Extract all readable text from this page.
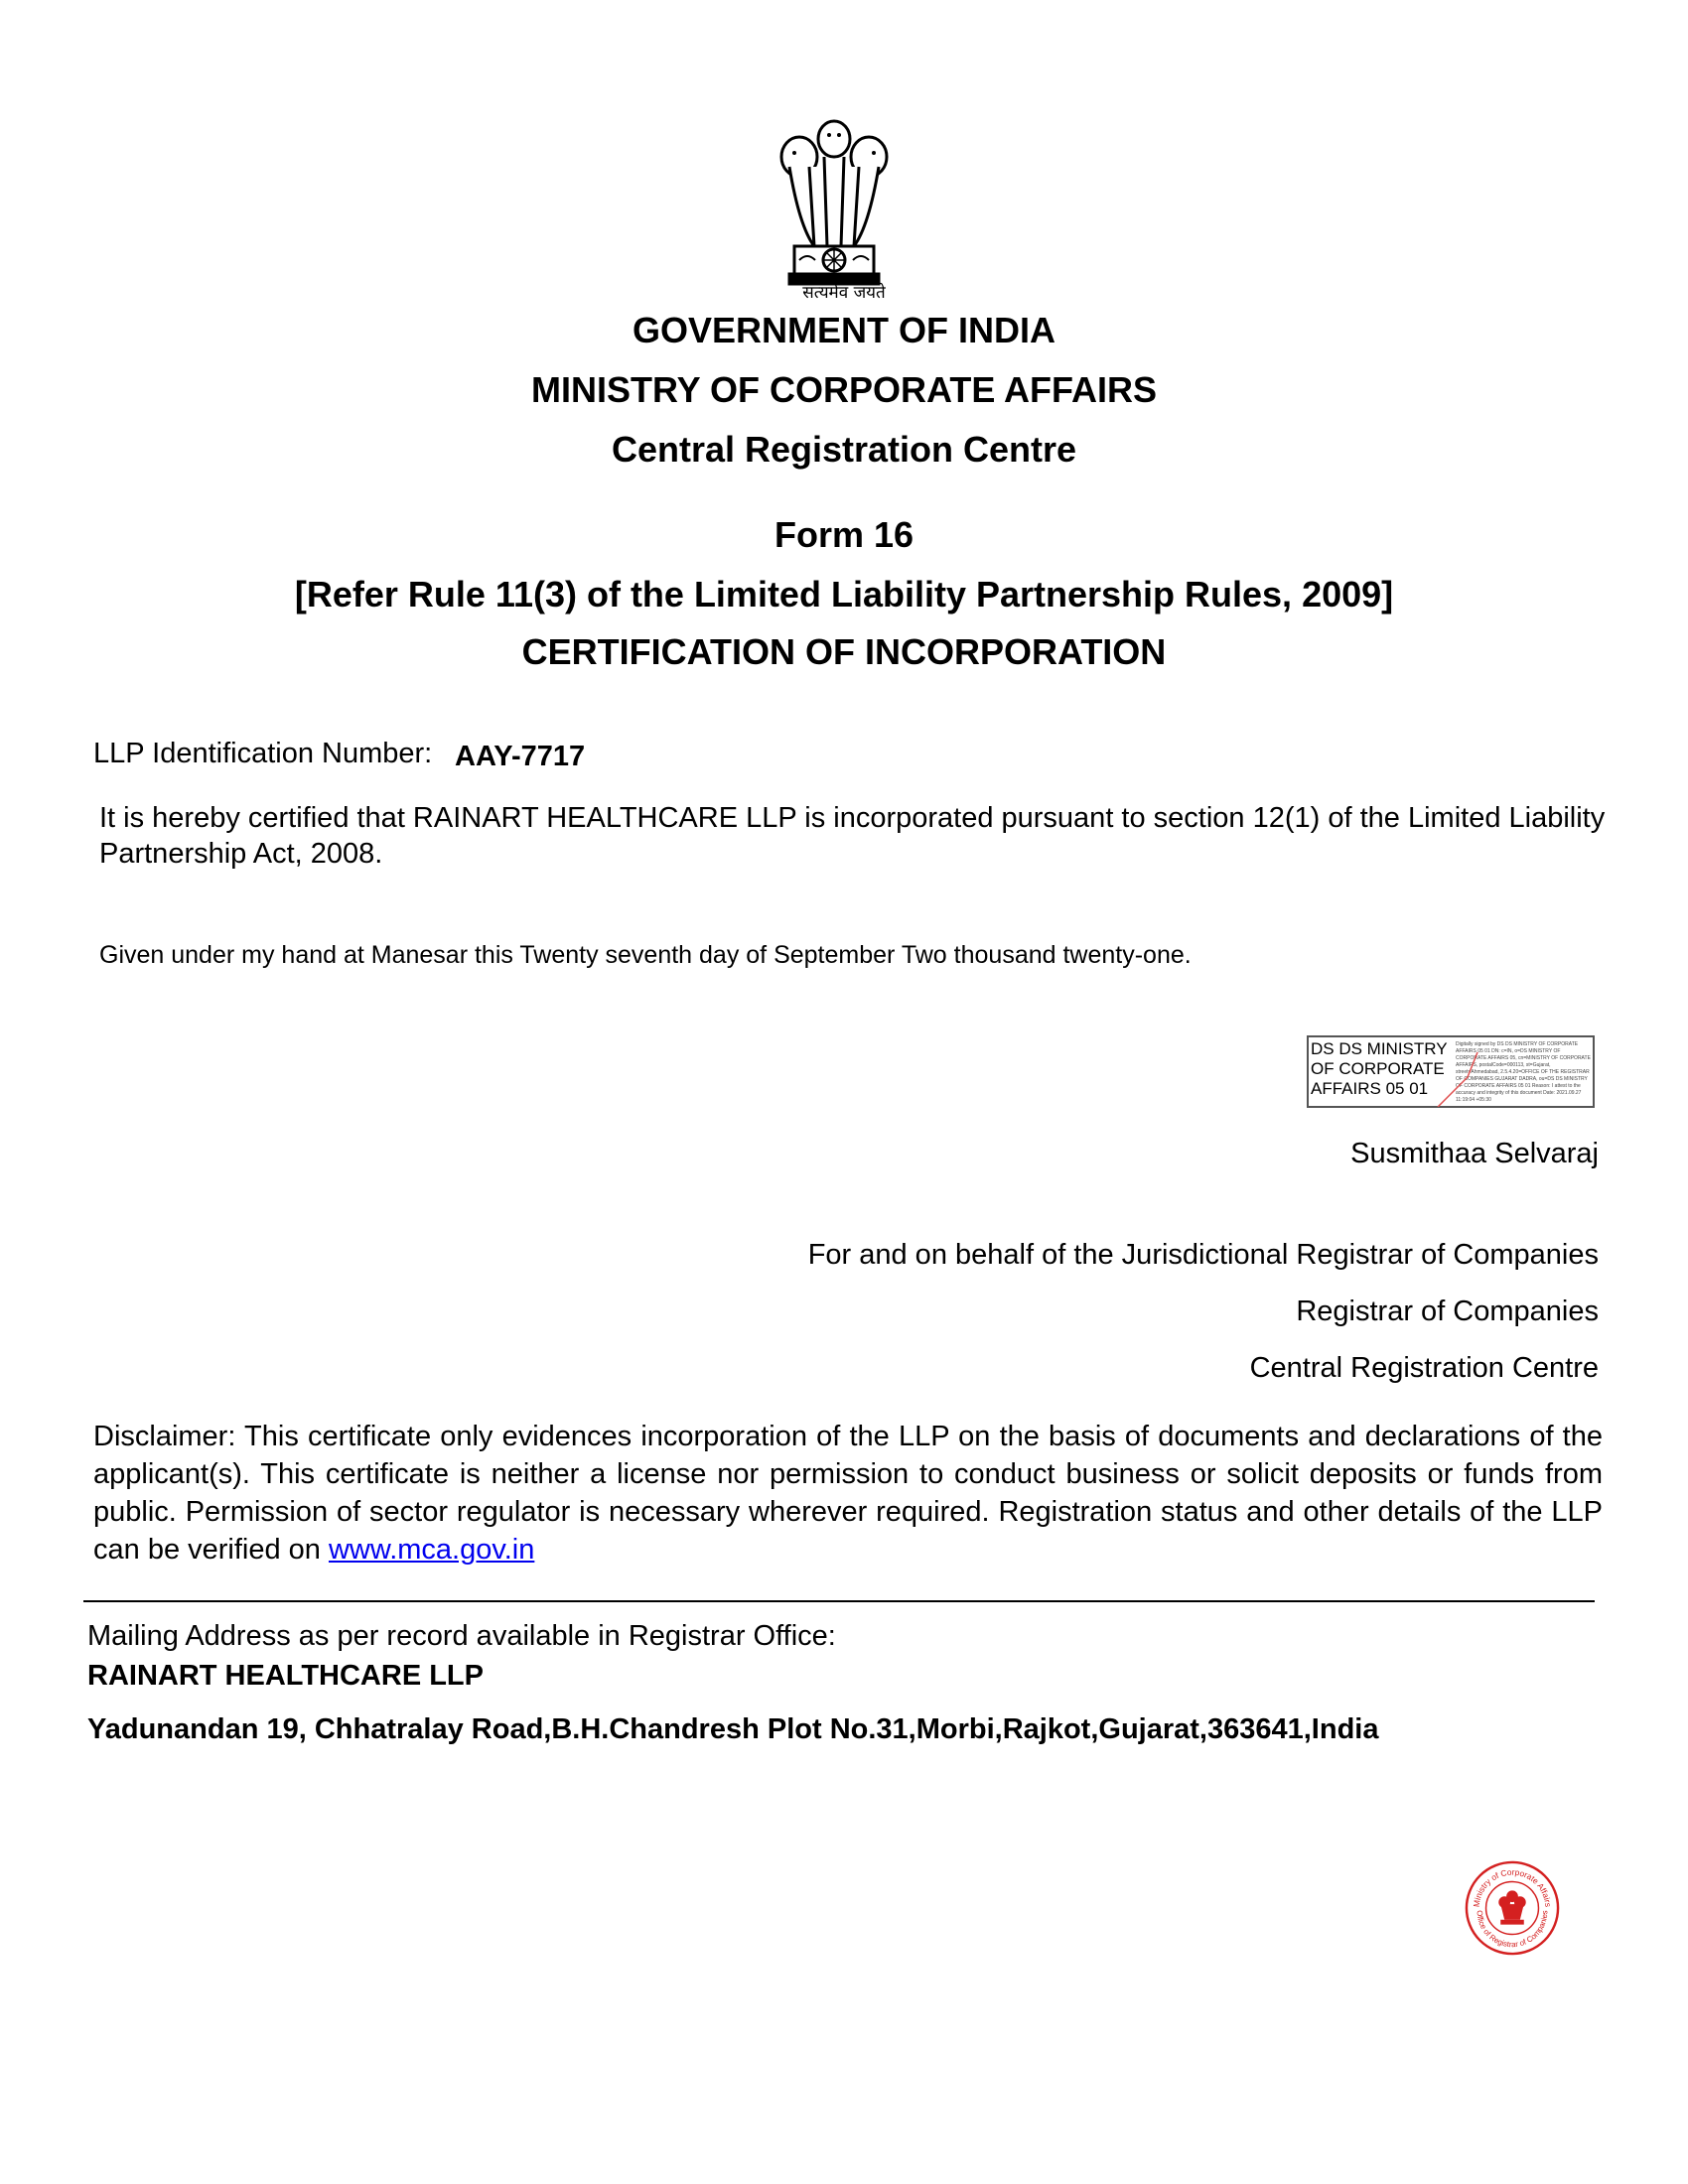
सत्यमेव जयते
GOVERNMENT OF INDIA
MINISTRY OF CORPORATE AFFAIRS
Central Registration Centre
Form 16
[Refer Rule 11(3) of the Limited Liability Partnership Rules, 2009]
CERTIFICATION OF INCORPORATION
LLP Identification Number: AAY-7717
It is hereby certified that RAINART HEALTHCARE LLP is incorporated pursuant to section 12(1) of the Limited Liability Partnership Act, 2008.
Given under my hand at Manesar this Twenty seventh day of September Two thousand twenty-one.
DS DS MINISTRY OF CORPORATE AFFAIRS 05 01
Digitally signed by DS DS MINISTRY OF CORPORATE AFFAIRS 05 01 DN: c=IN, o=DS MINISTRY OF CORPORATE AFFAIRS 05, cn=MINISTRY OF CORPORATE AFFAIRS, postalCode=000113, st=Gujarat, street=Ahmedabad, 2.5.4.20=OFFICE OF THE REGISTRAR OF COMPANIES GUJARAT DADRA, ou=DS DS MINISTRY OF CORPORATE AFFAIRS 05 01 Reason: I attest to the accuracy and integrity of this document Date: 2021.09.27 11:19:04 +05:30
Susmithaa Selvaraj
For and on behalf of the Jurisdictional Registrar of Companies
Registrar of Companies
Central Registration Centre
Disclaimer: This certificate only evidences incorporation of the LLP on the basis of documents and declarations of the applicant(s). This certificate is neither a license nor permission to conduct business or solicit deposits or funds from public. Permission of sector regulator is necessary wherever required. Registration status and other details of the LLP can be verified on www.mca.gov.in
Mailing Address as per record available in Registrar Office:
RAINART HEALTHCARE LLP
Yadunandan 19, Chhatralay Road,B.H.Chandresh Plot No.31,Morbi,Rajkot,Gujarat,363641,India
Ministry of Corporate Affairs
Office of Registrar of Companies
